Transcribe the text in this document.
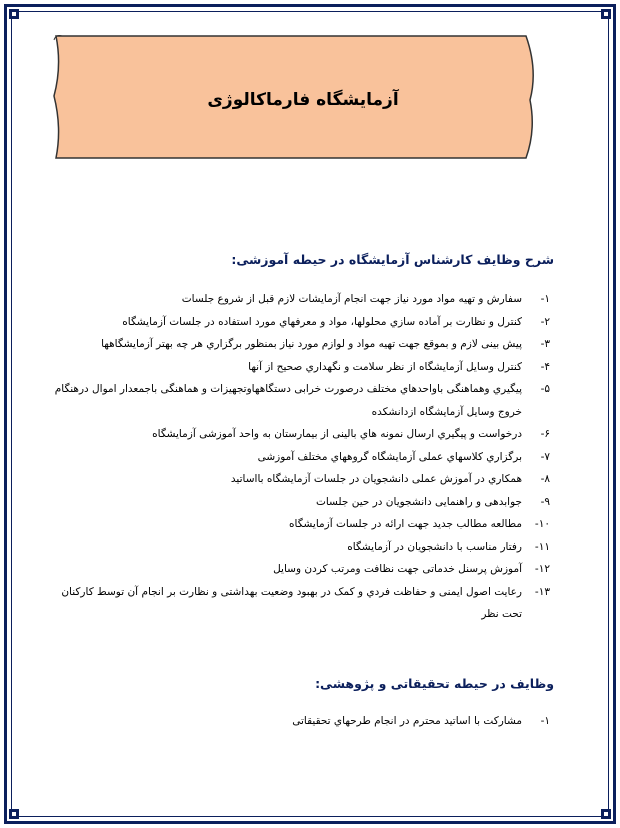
آزمایشگاه فارماکالوژی
شرح وظایف کارشناس آزمایشگاه در حیطه آموزشی:
١-
سفارش و تهیه مواد مورد نیاز جهت انجام آزمایشات لازم قبل از شروع جلسات
٢-
کنترل و نظارت بر آماده سازي محلولها، مواد و معرفهاي مورد استفاده در جلسات آزمایشگاه
٣-
پیش بینی لازم و بموقع جهت تهیه مواد و لوازم مورد نیاز بمنظور برگزاري هر چه بهتر آزمایشگاهها
۴-
کنترل وسایل آزمایشگاه از نظر سلامت و نگهداري صحیح از آنها
۵-
پیگیري وهماهنگی باواحدهاي مختلف درصورت خرابی دستگاههاوتجهیزات و هماهنگی باجمعدار اموال درهنگام خروج وسایل آزمایشگاه ازدانشکده
۶-
درخواست و پیگیري ارسال نمونه هاي بالینی از بیمارستان به واحد آموزشی آزمایشگاه
٧-
برگزاري کلاسهاي عملی آزمایشگاه گروههاي مختلف آموزشی
٨-
همکاري در آموزش عملی دانشجویان در جلسات آزمایشگاه بااساتید
٩-
جوابدهی و راهنمایی دانشجویان در حین جلسات
١٠-
مطالعه مطالب جدید جهت ارائه در جلسات آزمایشگاه
١١-
رفتار مناسب با دانشجویان در آزمایشگاه
١٢-
آموزش پرسنل خدماتی جهت نظافت ومرتب کردن وسایل
١٣-
رعایت اصول ایمنی و حفاظت فردي و کمک در بهبود وضعیت بهداشتی و نظارت بر انجام آن توسط کارکنان تحت نظر
وظایف در حیطه تحقیقاتی و پژوهشی:
١-
مشارکت با اساتید محترم در انجام طرحهاي تحقیقاتی
